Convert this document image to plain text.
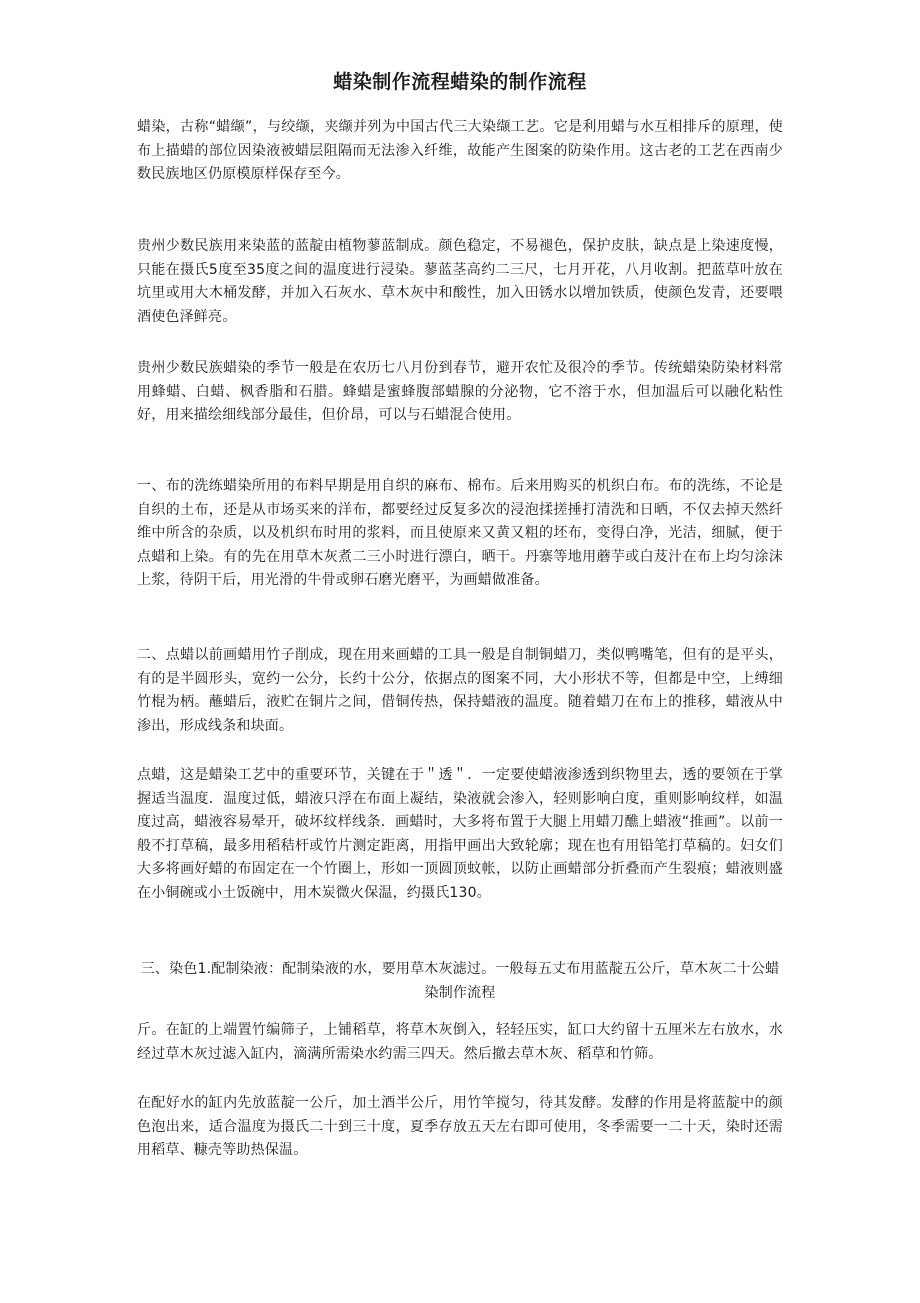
蜡染制作流程蜡染的制作流程

蜡染，古称“蜡缬”，与绞缬，夹缬并列为中国古代三大染缬工艺。它是利用蜡与水互相排斥的原理，使布上描蜡的部位因染液被蜡层阻隔而无法渗入纤维，故能产生图案的防染作用。这古老的工艺在西南少数民族地区仍原模原样保存至今。

贵州少数民族用来染蓝的蓝靛由植物蓼蓝制成。颜色稳定，不易褪色，保护皮肤，缺点是上染速度慢，只能在摄氏5度至35度之间的温度进行浸染。蓼蓝茎高约二三尺，七月开花，八月收割。把蓝草叶放在坑里或用大木桶发酵，并加入石灰水、草木灰中和酸性，加入田锈水以增加铁质，使颜色发青，还要喂酒使色泽鲜亮。

贵州少数民族蜡染的季节一般是在农历七八月份到春节，避开农忙及很冷的季节。传统蜡染防染材料常用蜂蜡、白蜡、枫香脂和石腊。蜂蜡是蜜蜂腹部蜡腺的分泌物，它不溶于水，但加温后可以融化粘性好，用来描绘细线部分最佳，但价昂，可以与石蜡混合使用。

一、布的洗练蜡染所用的布料早期是用自织的麻布、棉布。后来用购买的机织白布。布的洗练，不论是自织的土布，还是从市场买来的洋布，都要经过反复多次的浸泡揉搓捶打清洗和日晒，不仅去掉天然纤维中所含的杂质，以及机织布时用的浆料，而且使原来又黄又粗的坯布，变得白净，光洁，细腻，便于点蜡和上染。有的先在用草木灰煮二三小时进行漂白，晒干。丹寨等地用蘑芋或白芨汁在布上均匀涂沫上浆，待阴干后，用光滑的牛骨或卵石磨光磨平，为画蜡做准备。

二、点蜡以前画蜡用竹子削成，现在用来画蜡的工具一般是自制铜蜡刀，类似鸭嘴笔，但有的是平头，有的是半圆形头，宽约一公分，长约十公分，依据点的图案不同，大小形状不等，但都是中空，上缚细竹棍为柄。蘸蜡后，液贮在铜片之间，借铜传热，保持蜡液的温度。随着蜡刀在布上的推移，蜡液从中渗出，形成线条和块面。

点蜡，这是蜡染工艺中的重要环节，关键在于＂透＂．一定要使蜡液渗透到织物里去，透的要领在于掌握适当温度．温度过低，蜡液只浮在布面上凝结，染液就会渗入，轻则影响白度，重则影响纹样，如温度过高，蜡液容易晕开，破坏纹样线条．画蜡时，大多将布置于大腿上用蜡刀醮上蜡液“推画”。以前一般不打草稿，最多用稻秸杆或竹片测定距离，用指甲画出大致轮廓；现在也有用铅笔打草稿的。妇女们大多将画好蜡的布固定在一个竹圈上，形如一顶圆顶蚊帐，以防止画蜡部分折叠而产生裂痕；蜡液则盛在小铜碗或小土饭碗中，用木炭微火保温，约摄氏130。

三、染色1.配制染液：配制染液的水，要用草木灰滤过。一般每五丈布用蓝靛五公斤，草木灰二十公蜡染制作流程

斤。在缸的上端置竹编筛子，上铺稻草，将草木灰倒入，轻轻压实，缸口大约留十五厘米左右放水，水经过草木灰过滤入缸内，滴满所需染水约需三四天。然后撤去草木灰、稻草和竹筛。

在配好水的缸内先放蓝靛一公斤，加土酒半公斤，用竹竿搅匀，待其发酵。发酵的作用是将蓝靛中的颜色泡出来，适合温度为摄氏二十到三十度，夏季存放五天左右即可使用，冬季需要一二十天，染时还需用稻草、糠壳等助热保温。
